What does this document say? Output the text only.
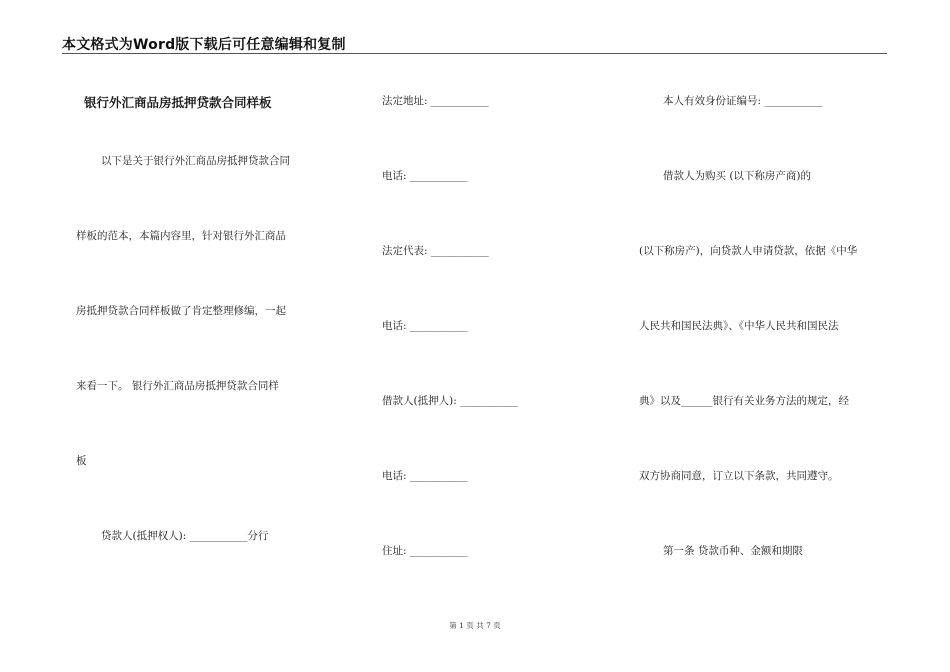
本文格式为Word版下载后可任意编辑和复制
银行外汇商品房抵押贷款合同样板
以下是关于银行外汇商品房抵押贷款合同
样板的范本，本篇内容里，针对银行外汇商品
房抵押贷款合同样板做了肯定整理修编，一起
来看一下。 银行外汇商品房抵押贷款合同样
板
贷款人(抵押权人): ___________分行
法定地址: ___________
电话: ___________
法定代表: ___________
电话: ___________
借款人(抵押人): ___________
电话: ___________
住址: ___________
本人有效身份证编号: ___________
借款人为购买 (以下称房产商)的
(以下称房产)，向贷款人申请贷款，依据《中华
人民共和国民法典》、《中华人民共和国民法
典》以及______银行有关业务方法的规定，经
双方协商同意，订立以下条款，共同遵守。
第一条 贷款币种、金额和期限
第 1 页 共 7 页
